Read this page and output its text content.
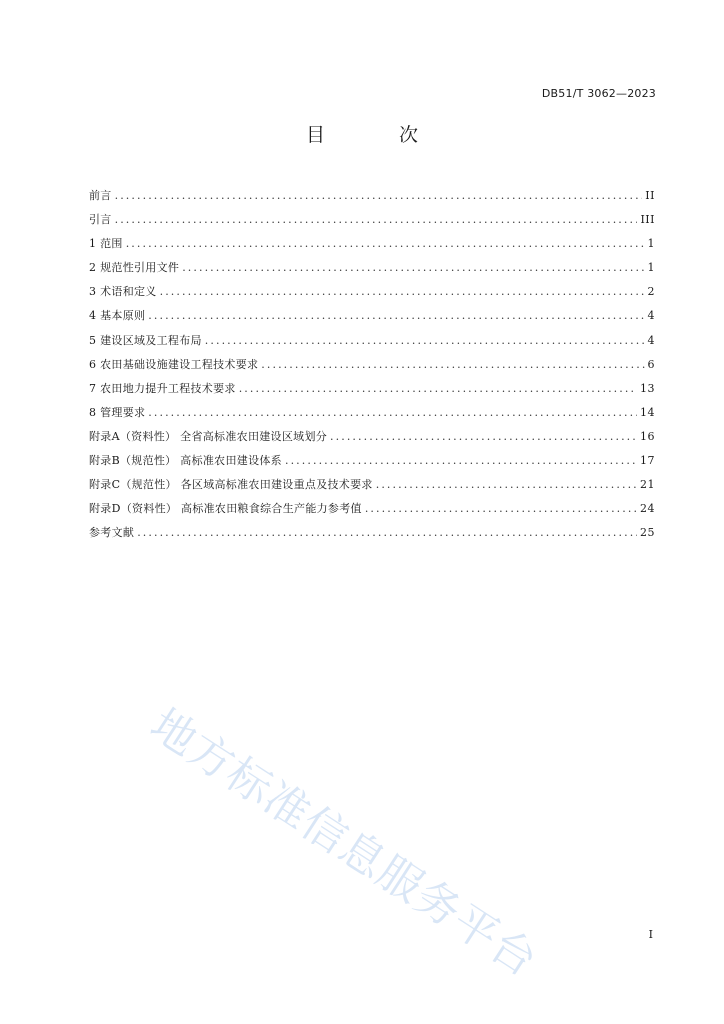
DB51/T 3062—2023
目 次
前言 .....	II
引言 .....	III
1 范围 .....	1
2 规范性引用文件 .....	1
3 术语和定义 .....	2
4 基本原则 .....	4
5 建设区域及工程布局 .....	4
6 农田基础设施建设工程技术要求 .....	6
7 农田地力提升工程技术要求 .....	13
8 管理要求 .....	14
附录A（资料性） 全省高标准农田建设区域划分 .....	16
附录B（规范性） 高标准农田建设体系 .....	17
附录C（规范性） 各区域高标准农田建设重点及技术要求 .....	21
附录D（资料性） 高标准农田粮食综合生产能力参考值 .....	24
参考文献 .....	25
地方标准信息服务平台	I
